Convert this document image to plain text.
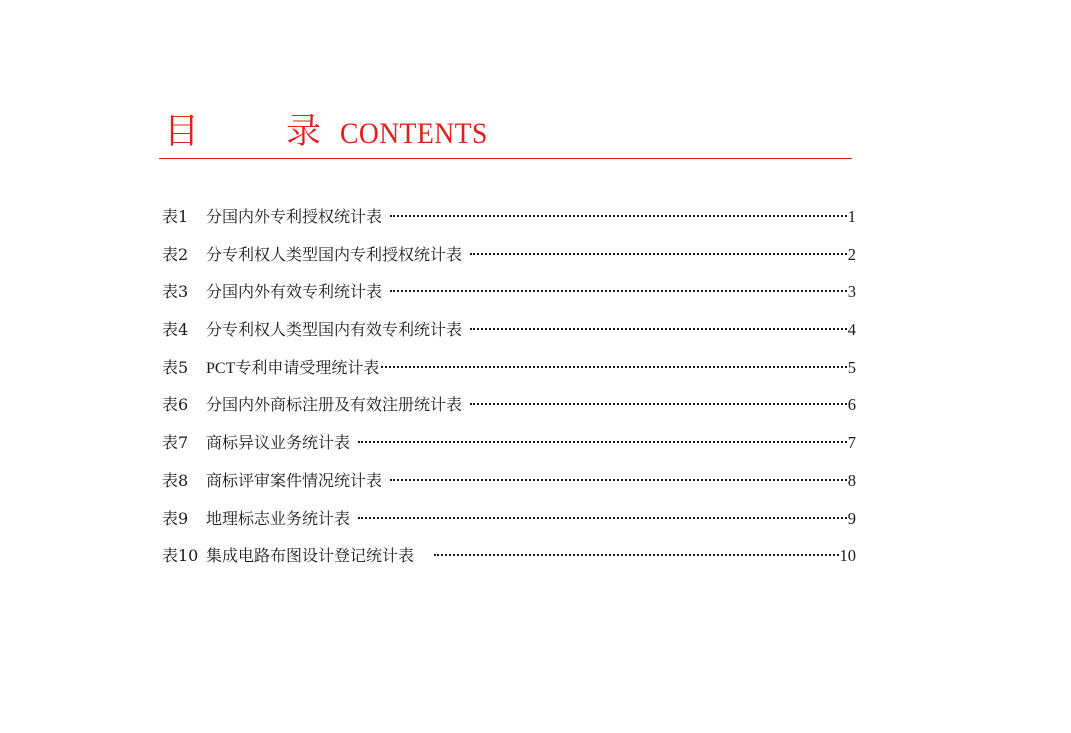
目 录 CONTENTS
表1	分国内外专利授权统计表	1
表2	分专利权人类型国内专利授权统计表	2
表3	分国内外有效专利统计表	3
表4	分专利权人类型国内有效专利统计表	4
表5	PCT专利申请受理统计表	5
表6	分国内外商标注册及有效注册统计表	6
表7	商标异议业务统计表	7
表8	商标评审案件情况统计表	8
表9	地理标志业务统计表	9
表10 集成电路布图设计登记统计表	10
